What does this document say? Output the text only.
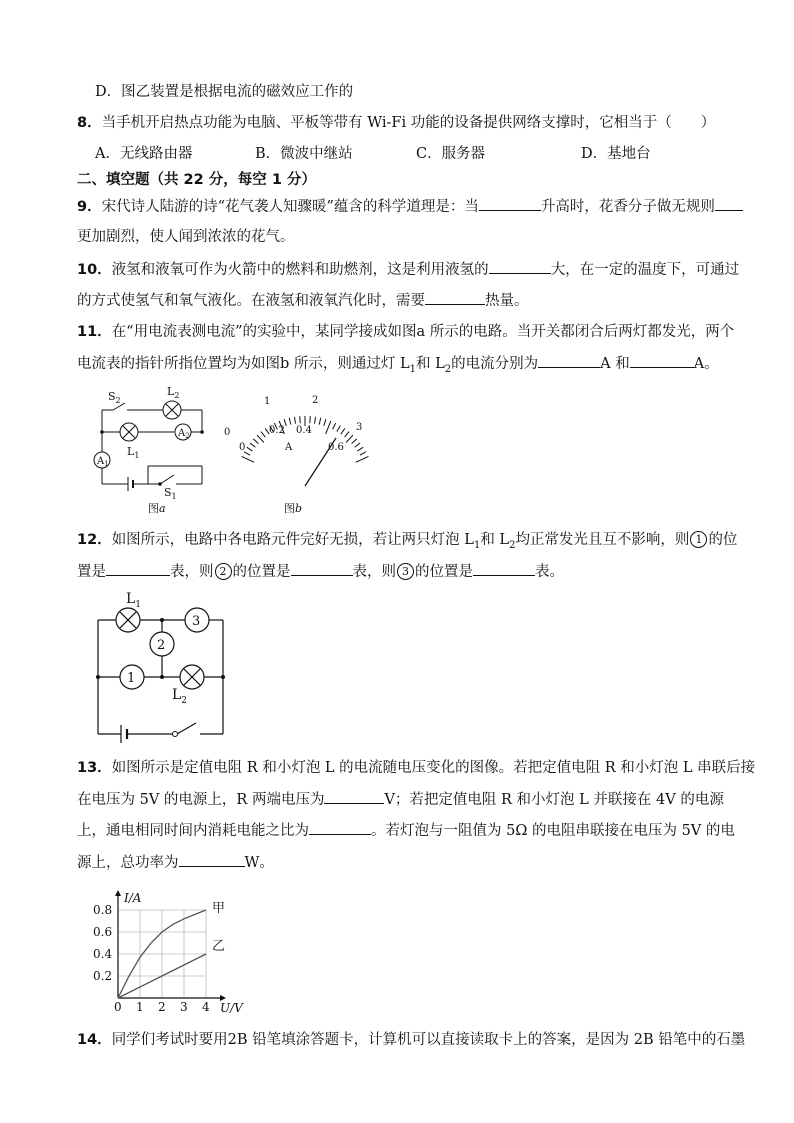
D．图乙装置是根据电流的磁效应工作的
8．当手机开启热点功能为电脑、平板等带有 Wi-Fi 功能的设备提供网络支撑时，它相当于（　　）
A．无线路由器	B．微波中继站	C．服务器	D．基地台
二、填空题（共 22 分，每空 1 分）
9．宋代诗人陆游的诗“花气袭人知骤暖”蕴含的科学道理是：当	升高时，花香分子做无规则
更加剧烈，使人闻到浓浓的花气。
10．液氢和液氧可作为火箭中的燃料和助燃剂，这是利用液氢的	大，在一定的温度下，可通过
的方式使氢气和氧气液化。在液氢和液氧汽化时，需要	热量。
11．在“用电流表测电流”的实验中，某同学接成如图a 所示的电路。当开关都闭合后两灯都发光，两个
电流表的指针所指位置均为如图b 所示，则通过灯 $L_1$和 $L_2$的电流分别为	A 和	A。
$S_2$
$L_2$
$L_1$
$A_1$
$A_2$
$S_1$
图a
0
1	2
3
0
0.2 0.4
0.6
A
图b
12．如图所示，电路中各电路元件完好无损，若让两只灯泡 $L_1$和 $L_2$均正常发光且互不影响，则 1 的位
置是	表，则 2 的位置是	表，则 3 的位置是	表。
$L_1$
$L_2$
3
2
1
13．如图所示是定值电阻 R 和小灯泡 L 的电流随电压变化的图像。若把定值电阻 R 和小灯泡 L 串联后接
在电压为 5V 的电源上，R 两端电压为	V；若把定值电阻 R 和小灯泡 L 并联接在 4V 的电源
上，通电相同时间内消耗电能之比为	。若灯泡与一阻值为 5Ω 的电阻串联接在电压为 5V 的电
源上，总功率为	W。
0 1 2 3 4
0.2
0.4
0.6
0.8
U/V
I/A
甲
乙
14．同学们考试时要用2B 铅笔填涂答题卡，计算机可以直接读取卡上的答案，是因为 2B 铅笔中的石墨
